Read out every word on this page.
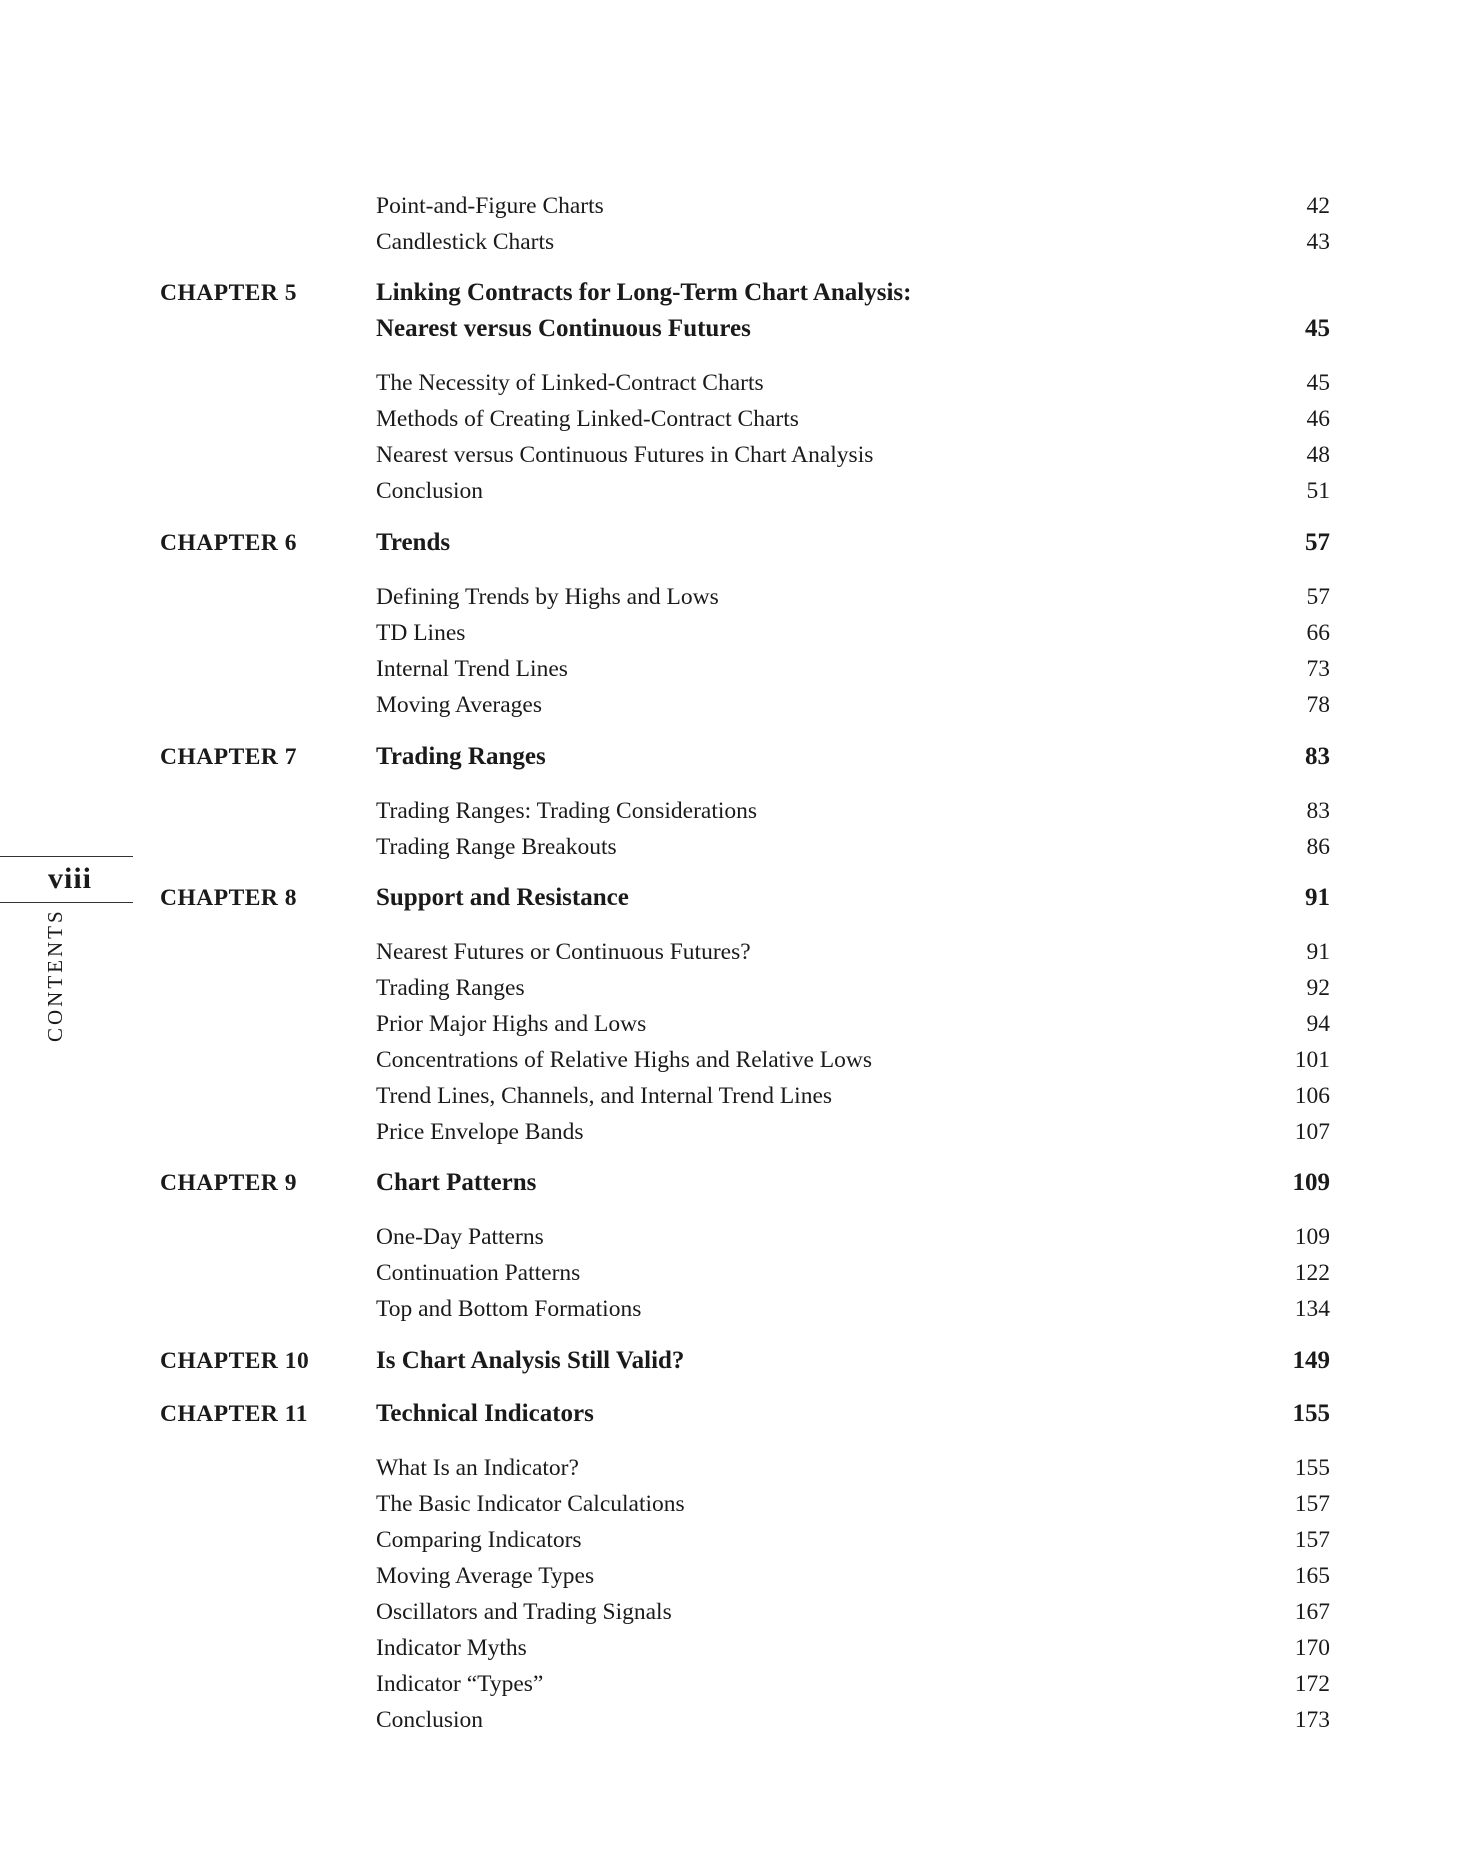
viii
CONTENTS
Point-and-Figure Charts	42
Candlestick Charts	43
CHAPTER 5	Linking Contracts for Long-Term Chart Analysis:
Nearest versus Continuous Futures	45
The Necessity of Linked-Contract Charts	45
Methods of Creating Linked-Contract Charts	46
Nearest versus Continuous Futures in Chart Analysis	48
Conclusion	51
CHAPTER 6	Trends	57
Defining Trends by Highs and Lows	57
TD Lines	66
Internal Trend Lines	73
Moving Averages	78
CHAPTER 7	Trading Ranges	83
Trading Ranges: Trading Considerations	83
Trading Range Breakouts	86
CHAPTER 8	Support and Resistance	91
Nearest Futures or Continuous Futures?	91
Trading Ranges	92
Prior Major Highs and Lows	94
Concentrations of Relative Highs and Relative Lows	101
Trend Lines, Channels, and Internal Trend Lines	106
Price Envelope Bands	107
CHAPTER 9	Chart Patterns	109
One-Day Patterns	109
Continuation Patterns	122
Top and Bottom Formations	134
CHAPTER 10	Is Chart Analysis Still Valid?	149
CHAPTER 11	Technical Indicators	155
What Is an Indicator?	155
The Basic Indicator Calculations	157
Comparing Indicators	157
Moving Average Types	165
Oscillators and Trading Signals	167
Indicator Myths	170
Indicator “Types”	172
Conclusion	173
